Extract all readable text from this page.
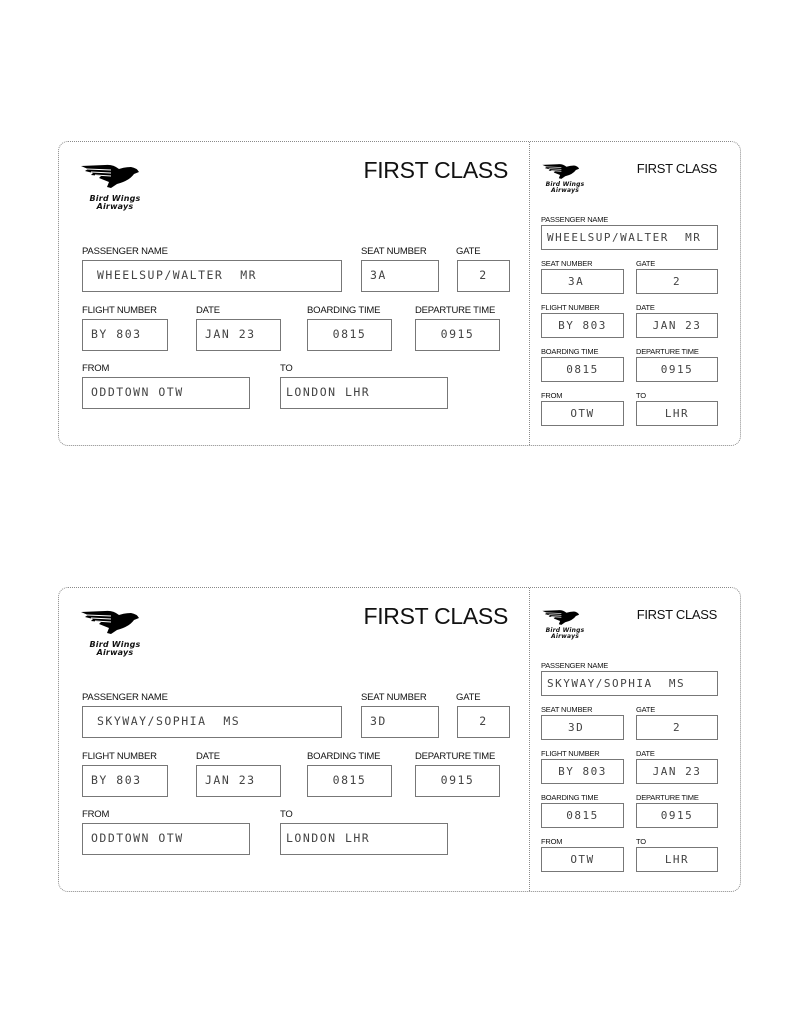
Bird Wings
Airways
FIRST CLASS
PASSENGER NAME	SEAT NUMBER	GATE
WHEELSUP/WALTER  MR	3A	2
FLIGHT NUMBER	DATE	BOARDING TIME	DEPARTURE TIME
BY 803	JAN 23	0815	0915
FROM	TO
ODDTOWN OTW	LONDON LHR
Bird Wings
Airways
FIRST CLASS
PASSENGER NAME
WHEELSUP/WALTER  MR
SEAT NUMBER	GATE
3A	2
FLIGHT NUMBER	DATE
BY 803	JAN 23
BOARDING TIME	DEPARTURE TIME
0815	0915
FROM	TO
OTW	LHR
Bird Wings
Airways
FIRST CLASS
PASSENGER NAME	SEAT NUMBER	GATE
SKYWAY/SOPHIA  MS	3D	2
FLIGHT NUMBER	DATE	BOARDING TIME	DEPARTURE TIME
BY 803	JAN 23	0815	0915
FROM	TO
ODDTOWN OTW	LONDON LHR
Bird Wings
Airways
FIRST CLASS
PASSENGER NAME
SKYWAY/SOPHIA  MS
SEAT NUMBER	GATE
3D	2
FLIGHT NUMBER	DATE
BY 803	JAN 23
BOARDING TIME	DEPARTURE TIME
0815	0915
FROM	TO
OTW	LHR
